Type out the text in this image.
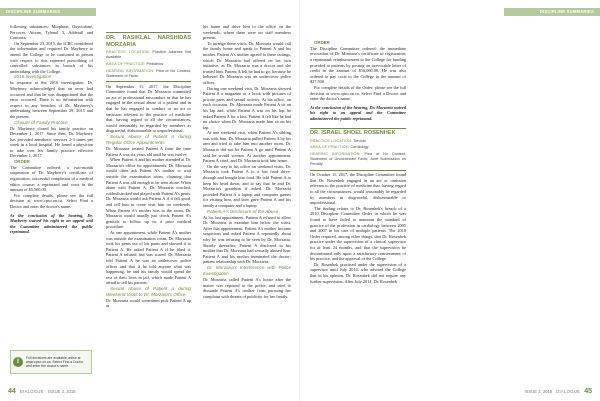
DISCIPLINE SUMMARIES

following substances: Morphine, Oxycodone, Percocet, Ativan, Tylenol 3, Adderall and Concerta.

On September 23, 2015, the ICRC considered the information and required Dr. Mayberry to attend the College to be cautioned in person with respect to this repeated prescribing of controlled substances in breach of his undertaking with the College.

2016 Investigation

In response to the 2016 investigation, Dr. Mayberry acknowledged that an error had occurred and that he was disappointed that the error occurred. There is no information with respect to any breaches of Dr. Mayberry's undertaking between September 29, 2015 and the present.

Closure of Family Practice

Dr. Mayberry closed his family practice on December 1, 2017. Since then, Dr. Mayberry has provided anesthetic services 2-3 times per week in a local hospital. He found a physician to take over his family practice effective December 1, 2017.

ORDER

The Committee ordered: a two-month suspension of Dr. Mayberry's certificate of registration; successful completion of a medical ethics course; a reprimand and costs in the amount of $5,500.00.

For complete details, please see the full decision at www.cpso.on.ca. Select Find a Doctor and enter the doctor's name.

At the conclusion of the hearing, Dr. Mayberry waived his right to an appeal and the Committee administered the public reprimand.

i
Full decisions are available online at www.cpso.on.ca. Select Find a Doctor and enter the doctor's name.
DR. RASIKLAL NARSHIDAS MORZARIA
PRACTICE LOCATION: Practice Address Not Available
AREA OF PRACTICE: Pediatrics
HEARING INFORMATION: Plea of No Contest; Statement of Facts

On September 11, 2017, the Discipline Committee found that Dr. Morzaria committed an act of professional misconduct in that he has engaged in the sexual abuse of a patient and in that he has engaged in conduct or an act or omission relevant to the practice of medicine that, having regard to all the circumstances, would reasonably be regarded by members as disgraceful, dishonourable or unprofessional.

Sexual Abuse of Patient A during Regular Office Appointments

Dr. Morzaria treated Patient A from the time Patient A was six years old until he was twelve.

When Patient A and his mother attended at Dr. Morzaria's office for appointments, Dr. Morzaria would often ask Patient A's mother to wait outside the examination room, claiming that Patient A was old enough to be seen alone. When alone with Patient A, Dr. Morzaria touched, rubbed/stroked and played with Patient A's penis. Dr. Morzaria would ask Patient A if it felt good, and tell him to come visit him on weekends. When Patient A's mother was in the room, Dr. Morzaria would usually just check Patient A's genitals to follow up on a prior medical procedure.

At one appointment, while Patient A's mother was outside the examination room, Dr. Morzaria took his penis out of his pants and showed it to Patient A. He asked Patient A if he liked it. Patient A refused, but was scared. Dr. Morzaria told Patient A he was an undercover police officer and that if he told anyone what was happening, he and his family would spend the rest of their lives in jail, which made Patient A afraid to tell his parents.

Sexual Abuse of Patient A during Weekend Visits to Dr. Morzaria's Office

Dr. Morzaria would sometimes pick Patient A up at

his home and drive him to the office on the weekends, where there were no staff members present.

To arrange these visits, Dr. Morzaria would call the family home and speak to Patient A and his mother. Patient A's mother agreed to these outings, which Dr. Morzaria had offered on his own initiative, as Dr. Morzaria was a doctor and she trusted him. Patient A felt he had to go, because he believed Dr. Morzaria was an undercover police officer.

During one weekend visit, Dr. Morzaria showed Patient A a magazine or a book with pictures of private parts and sexual activity. At his office, on each occasion, Dr. Morzaria made Patient A sit on his lap and, while Patient A was on his lap, he asked Patient A for a kiss. Patient A felt like he had no choice when Dr. Morzaria made him sit on his lap.

At one weekend visit, when Patient A's sibling was with him, Dr. Morzaria pulled Patient A by his arm and tried to take him into another room. Dr. Morzaria did not let Patient A go until Patient A said he would scream. At another appointment, Patient A cried, and Dr. Morzaria took him home.

On the way to his office on weekend visits, Dr. Morzaria took Patient A to a fast food drive-through and bought him food. He told Patient A to keep his head down, and to say that he and Dr. Morzaria's grandson if asked. Dr. Morzaria provided Patient A a laptop and computer games for visiting him, and later gave Patient A and his family a computer and a laptop.

Patient A's Disclosure of the Abuse

At his last appointment, Patient A refused to allow Dr. Morzaria to examine him below the waist. After this appointment, Patient A's mother became suspicious and asked Patient A repeatedly about why he was refusing to be seen by Dr. Morzaria. Shortly thereafter, Patient A disclosed to his mother that Dr. Morzaria had sexually abused him. Patient A and his mother terminated the doctor-patient relationship with Dr. Morzaria.

Dr. Morzaria's Interference with Police Investigation

Dr. Morzaria called Patient A's house after the matter was reported to the police, and tried to dissuade Patient A's mother from pursuing her complaint with threats of publicity for her family.

44 DIALOGUE ISSUE 3, 2018
DISCIPLINE SUMMARIES

ORDER

The Discipline Committee ordered: the immediate revocation of Dr. Morzaria's certificate of registration; a reprimand; reimbursement to the College for funding provided to patients by posting an irrevocable letter of credit in the amount of $16,060.00. He was also ordered to pay costs to the College in the amount of $27,500.

For complete details of the Order, please see the full decision at www.cpso.on.ca. Select Find a Doctor and enter the doctor's name.

At the conclusion of the hearing, Dr. Morzaria waived his right to an appeal and the Committee administered the public reprimand.

DR. ISRAEL SHOEL ROSENHEK
PRACTICE LOCATION: Toronto
AREA OF PRACTICE: Cardiology
HEARING INFORMATION: Plea of No Contest; Statement of Uncontested Facts; Joint Submission on Penalty

On October 11, 2017, the Discipline Committee found that Dr. Rosenhek engaged in an act or omission relevant to the practice of medicine that, having regard to all the circumstances, would reasonably be regarded by members as disgraceful, dishonourable or unprofessional.

The finding relates to Dr. Rosenhek's breach of a 2010 Discipline Committee Order in which he was found to have failed to maintain the standard of practice of the profession in cardiology between 2005 and 2007 in his care of multiple patients. The 2010 Order required, among other things, that Dr. Rosenhek practice under the supervision of a clinical supervisor for at least 24 months, and that the supervision be discontinued only upon a satisfactory reassessment of his practice, and the approval of the College.

Dr. Rosenhek practised under the supervision of a supervisor until July 2014, who advised the College that in his opinion, Dr. Rosenhek did not require any further supervision. After July 2014, Dr. Rosenhek

ISSUE 3, 2018 DIALOGUE 45
